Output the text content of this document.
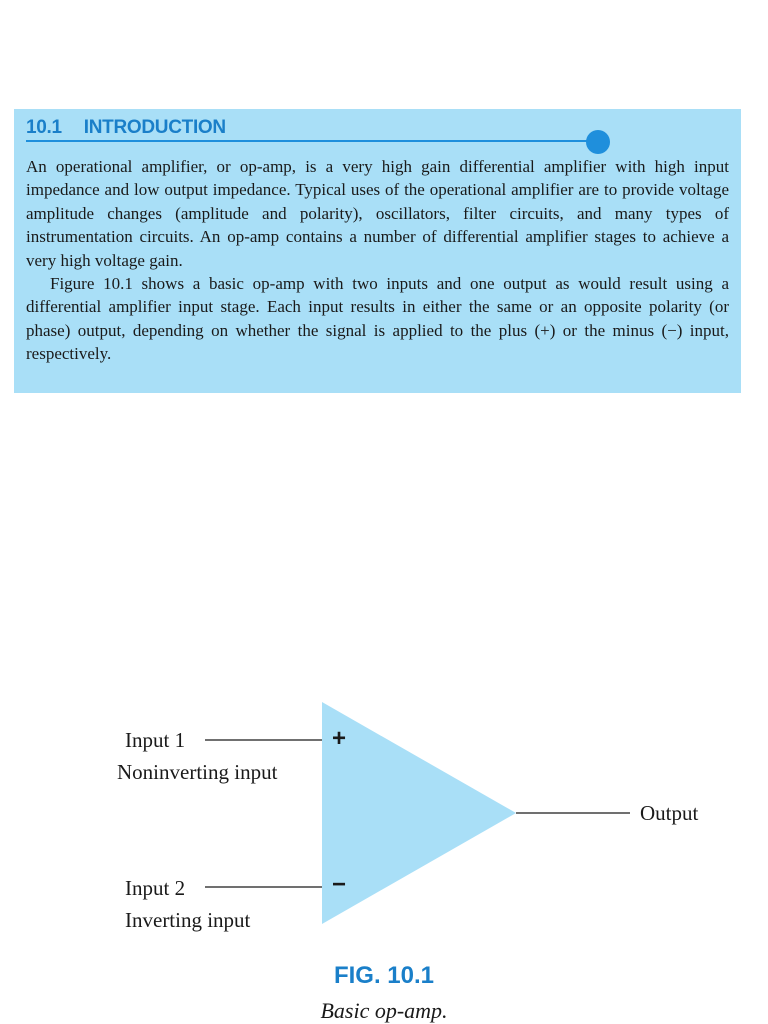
10.1 INTRODUCTION

An operational amplifier, or op-amp, is a very high gain differential amplifier with high input impedance and low output impedance. Typical uses of the operational amplifier are to provide voltage amplitude changes (amplitude and polarity), oscillators, filter circuits, and many types of instrumentation circuits. An op-amp contains a number of differential amplifier stages to achieve a very high voltage gain.

Figure 10.1 shows a basic op-amp with two inputs and one output as would result using a differential amplifier input stage. Each input results in either the same or an opposite polarity (or phase) output, depending on whether the signal is applied to the plus (+) or the minus (−) input, respectively.

Input 1
Noninverting input
Input 2
Inverting input
+
−
Output
FIG. 10.1
Basic op-amp.
